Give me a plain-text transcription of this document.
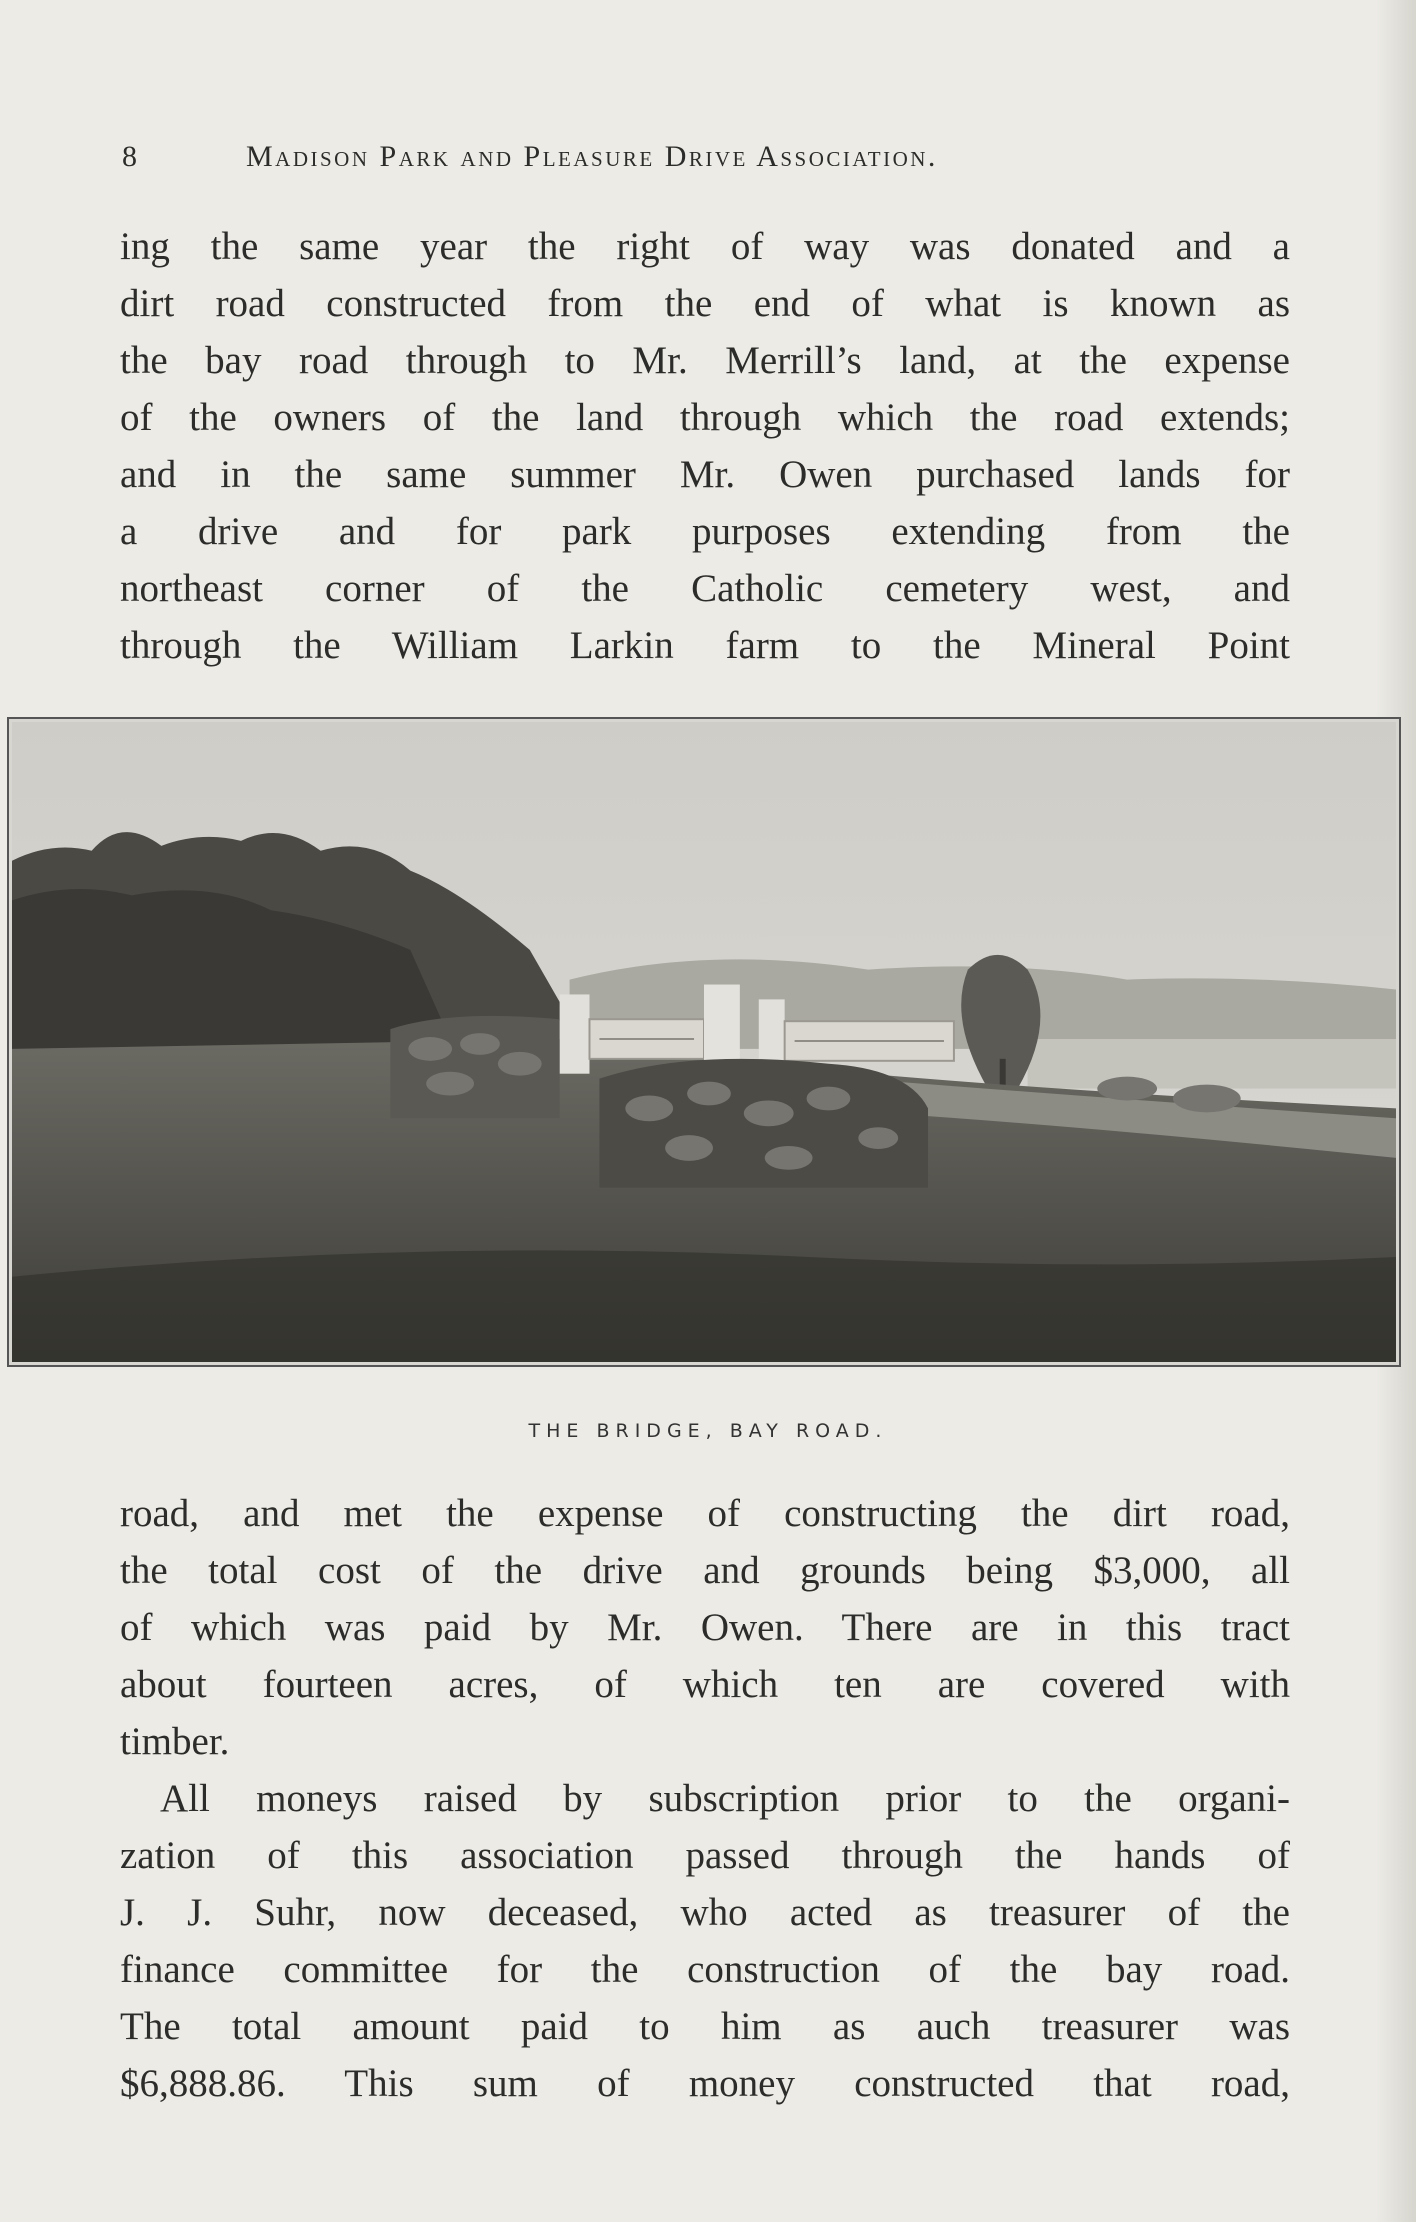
8	Madison Park and Pleasure Drive Association.
ing the same year the right of way was donated and a
dirt road constructed from the end of what is known as
the bay road through to Mr. Merrill’s land, at the expense
of the owners of the land through which the road extends;
and in the same summer Mr. Owen purchased lands for
a drive and for park purposes extending from the
northeast corner of the Catholic cemetery west, and
through the William Larkin farm to the Mineral Point
THE BRIDGE, BAY ROAD.
road, and met the expense of constructing the dirt road,
the total cost of the drive and grounds being $3,000, all
of which was paid by Mr. Owen. There are in this tract
about fourteen acres, of which ten are covered with
timber.
All moneys raised by subscription prior to the organi-
zation of this association passed through the hands of
J. J. Suhr, now deceased, who acted as treasurer of the
finance committee for the construction of the bay road.
The total amount paid to him as auch treasurer was
$6,888.86. This sum of money constructed that road,
